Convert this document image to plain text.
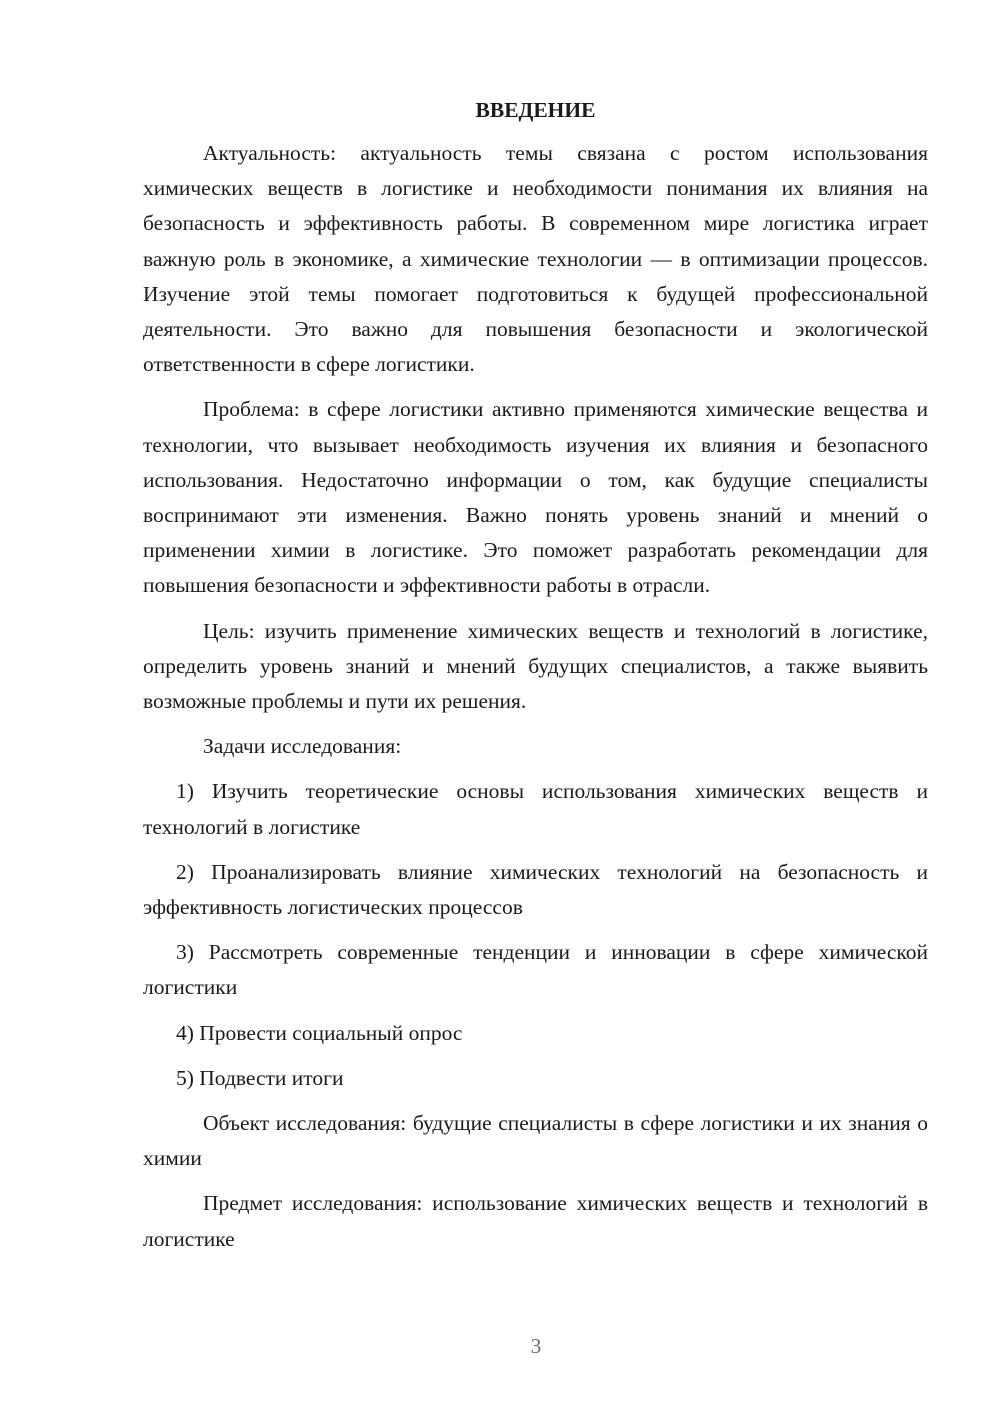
ВВЕДЕНИЕ

Актуальность: актуальность темы связана с ростом использования химических веществ в логистике и необходимости понимания их влияния на безопасность и эффективность работы. В современном мире логистика играет важную роль в экономике, а химические технологии — в оптимизации процессов. Изучение этой темы помогает подготовиться к будущей профессиональной деятельности. Это важно для повышения безопасности и экологической ответственности в сфере логистики.

Проблема: в сфере логистики активно применяются химические вещества и технологии, что вызывает необходимость изучения их влияния и безопасного использования. Недостаточно информации о том, как будущие специалисты воспринимают эти изменения. Важно понять уровень знаний и мнений о применении химии в логистике. Это поможет разработать рекомендации для повышения безопасности и эффективности работы в отрасли.

Цель: изучить применение химических веществ и технологий в логистике, определить уровень знаний и мнений будущих специалистов, а также выявить возможные проблемы и пути их решения.

Задачи исследования:

1) Изучить теоретические основы использования химических веществ и технологий в логистике

2) Проанализировать влияние химических технологий на безопасность и эффективность логистических процессов

3) Рассмотреть современные тенденции и инновации в сфере химической логистики

4) Провести социальный опрос

5) Подвести итоги

Объект исследования: будущие специалисты в сфере логистики и их знания о химии

Предмет исследования: использование химических веществ и технологий в логистике

3
